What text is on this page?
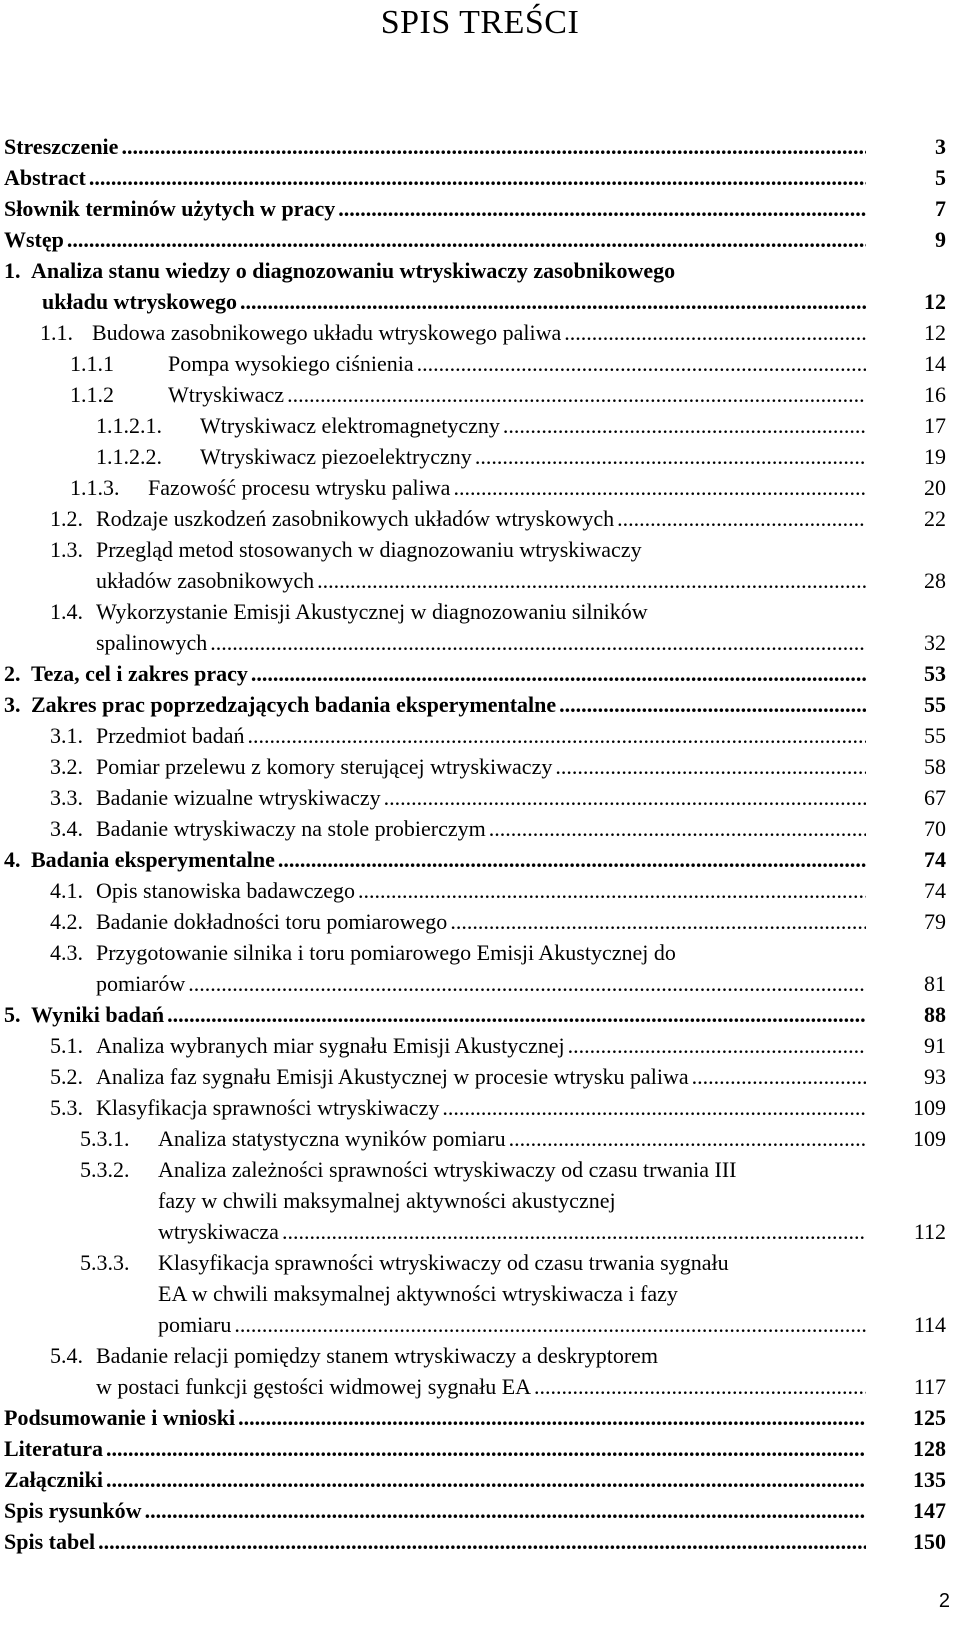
SPIS TREŚCI
Streszczenie .....	3
Abstract .....	5
Słownik terminów użytych w pracy .....	7
Wstęp .....	9
1. Analiza stanu wiedzy o diagnozowaniu wtryskiwaczy zasobnikowego
układu wtryskowego .....	12
1.1. Budowa zasobnikowego układu wtryskowego paliwa .....	12
1.1.1 Pompa wysokiego ciśnienia .....	14
1.1.2 Wtryskiwacz .....	16
1.1.2.1. Wtryskiwacz elektromagnetyczny .....	17
1.1.2.2. Wtryskiwacz piezoelektryczny .....	19
1.1.3. Fazowość procesu wtrysku paliwa .....	20
1.2. Rodzaje uszkodzeń zasobnikowych układów wtryskowych .....	22
1.3. Przegląd metod stosowanych w diagnozowaniu wtryskiwaczy
układów zasobnikowych .....	28
1.4. Wykorzystanie Emisji Akustycznej w diagnozowaniu silników
spalinowych .....	32
2. Teza, cel i zakres pracy .....	53
3. Zakres prac poprzedzających badania eksperymentalne .....	55
3.1. Przedmiot badań .....	55
3.2. Pomiar przelewu z komory sterującej wtryskiwaczy .....	58
3.3. Badanie wizualne wtryskiwaczy .....	67
3.4. Badanie wtryskiwaczy na stole probierczym .....	70
4. Badania eksperymentalne .....	74
4.1. Opis stanowiska badawczego .....	74
4.2. Badanie dokładności toru pomiarowego .....	79
4.3. Przygotowanie silnika i toru pomiarowego Emisji Akustycznej do
pomiarów .....	81
5. Wyniki badań .....	88
5.1. Analiza wybranych miar sygnału Emisji Akustycznej .....	91
5.2. Analiza faz sygnału Emisji Akustycznej w procesie wtrysku paliwa .....	93
5.3. Klasyfikacja sprawności wtryskiwaczy .....	109
5.3.1. Analiza statystyczna wyników pomiaru .....	109
5.3.2. Analiza zależności sprawności wtryskiwaczy od czasu trwania III
fazy w chwili maksymalnej aktywności akustycznej
wtryskiwacza .....	112
5.3.3. Klasyfikacja sprawności wtryskiwaczy od czasu trwania sygnału
EA w chwili maksymalnej aktywności wtryskiwacza i fazy
pomiaru .....	114
5.4. Badanie relacji pomiędzy stanem wtryskiwaczy a deskryptorem
w postaci funkcji gęstości widmowej sygnału EA .....	117
Podsumowanie i wnioski .....	125
Literatura .....	128
Załączniki .....	135
Spis rysunków .....	147
Spis tabel .....	150
2
